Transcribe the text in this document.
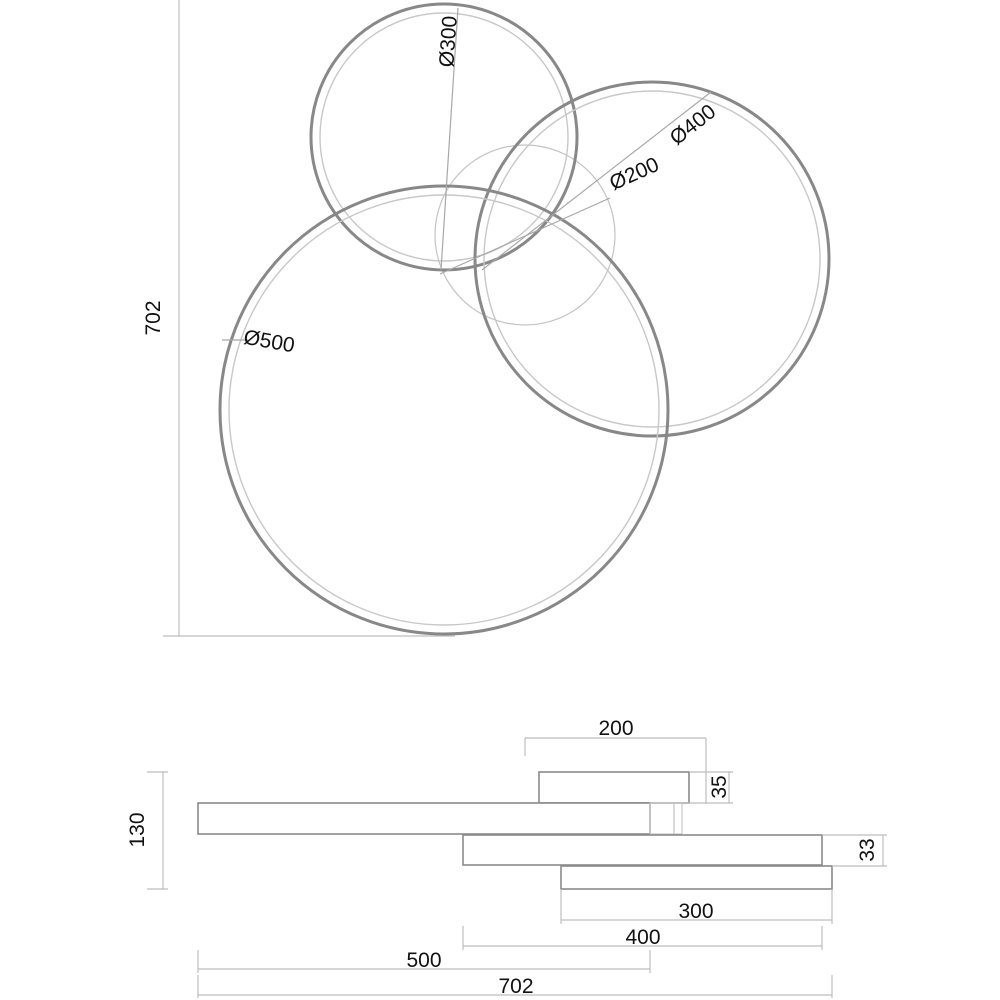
702
Ø300
Ø400
Ø200
Ø500
200
35
130
33
300
400
500
702
